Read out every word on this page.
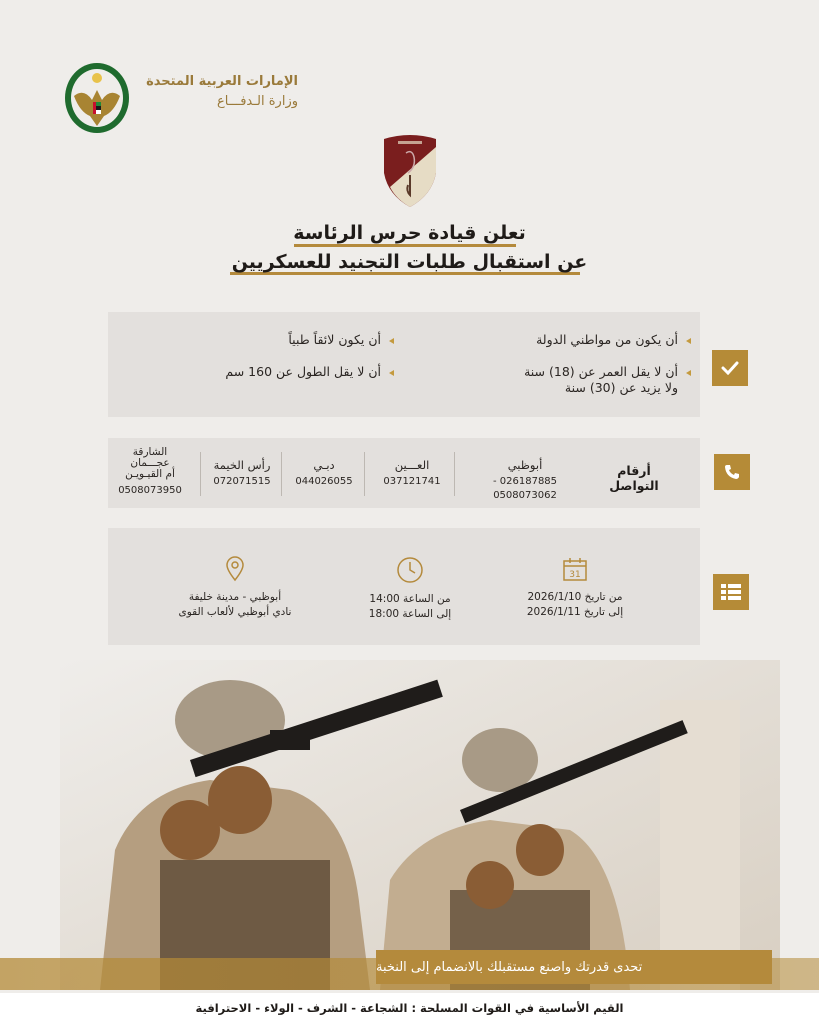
الإمارات العربية المتحدة
وزارة الـدفـــاع
تعلن قيادة حرس الرئاسة
عن استقبال طلبات التجنيد للعسكريين
أن يكون من مواطني الدولة
أن لا يقل العمر عن (18) سنة
ولا يزيد عن (30) سنة
أن يكون لائقاً طبياً
أن لا يقل الطول عن 160 سم
أرقام التواصل
أبوظبي
026187885 - 0508073062
العـــين
037121741
دبـي
044026055
رأس الخيمة
072071515
الشارقة
عجـــمان
أم القيـويـن
0508073950
31
من تاريخ 2026/1/10
إلى تاريخ 2026/1/11
من الساعة 14:00
إلى الساعة 18:00
أبوظبي - مدينة خليفة
نادي أبوظبي لألعاب القوى
تحدى قدرتك واصنع مستقبلك بالانضمام إلى النخبة
القيم الأساسية في القوات المسلحة : الشجاعة - الشرف - الولاء - الاحترافية
